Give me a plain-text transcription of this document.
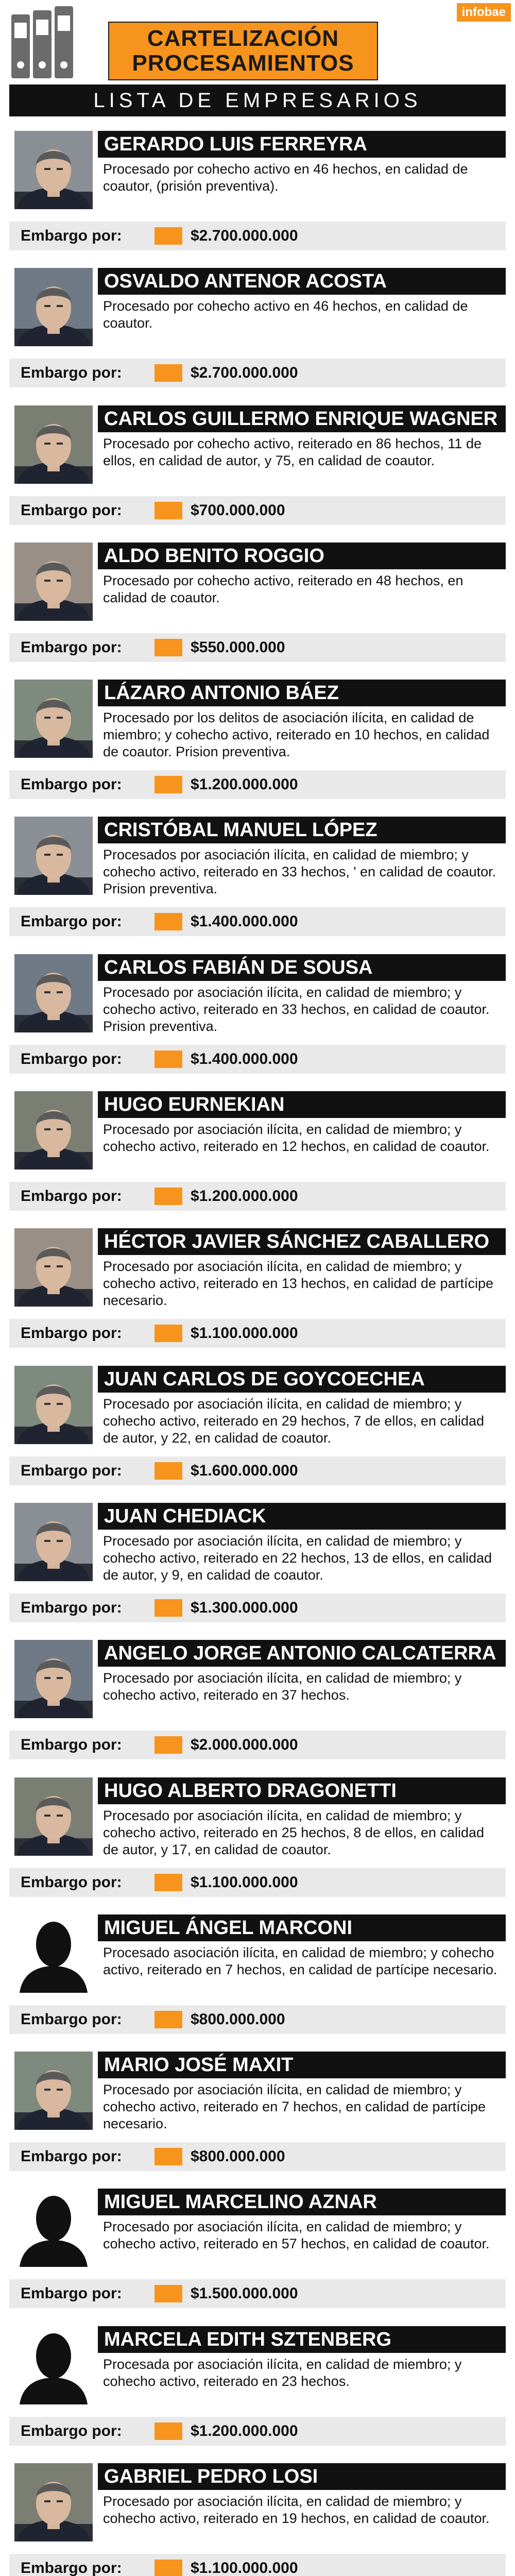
CARTELIZACIÓN
PROCESAMIENTOS
infobae
LISTA DE EMPRESARIOS
GERARDO LUIS FERREYRA
Procesado por cohecho activo en 46 hechos, en calidad de coautor, (prisión preventiva).
Embargo por:	$2.700.000.000
OSVALDO ANTENOR ACOSTA
Procesado por cohecho activo en 46 hechos, en calidad de coautor.
Embargo por:	$2.700.000.000
CARLOS GUILLERMO ENRIQUE WAGNER
Procesado por cohecho activo, reiterado en 86 hechos, 11 de ellos, en calidad de autor, y 75, en calidad de coautor.
Embargo por:	$700.000.000
ALDO BENITO ROGGIO
Procesado por cohecho activo, reiterado en 48 hechos, en calidad de coautor.
Embargo por:	$550.000.000
LÁZARO ANTONIO BÁEZ
Procesado por los delitos de asociación ilícita, en calidad de miembro; y cohecho activo, reiterado en 10 hechos, en calidad de coautor. Prision preventiva.
Embargo por:	$1.200.000.000
CRISTÓBAL MANUEL LÓPEZ
Procesados por asociación ilícita, en calidad de miembro; y cohecho activo, reiterado en 33 hechos, ' en calidad de coautor. Prision preventiva.
Embargo por:	$1.400.000.000
CARLOS FABIÁN DE SOUSA
Procesado por asociación ilícita, en calidad de miembro; y cohecho activo, reiterado en 33 hechos, en calidad de coautor. Prision preventiva.
Embargo por:	$1.400.000.000
HUGO EURNEKIAN
Procesado por asociación ilícita, en calidad de miembro; y cohecho activo, reiterado en 12 hechos, en calidad de coautor.
Embargo por:	$1.200.000.000
HÉCTOR JAVIER SÁNCHEZ CABALLERO
Procesado por asociación ilícita, en calidad de miembro; y cohecho activo, reiterado en 13 hechos, en calidad de partícipe necesario.
Embargo por:	$1.100.000.000
JUAN CARLOS DE GOYCOECHEA
Procesado por asociación ilícita, en calidad de miembro; y cohecho activo, reiterado en 29 hechos, 7 de ellos, en calidad de autor, y 22, en calidad de coautor.
Embargo por:	$1.600.000.000
JUAN CHEDIACK
Procesado por asociación ilícita, en calidad de miembro; y cohecho activo, reiterado en 22 hechos, 13 de ellos, en calidad de autor, y 9, en calidad de coautor.
Embargo por:	$1.300.000.000
ANGELO JORGE ANTONIO CALCATERRA
Procesado por asociación ilícita, en calidad de miembro; y cohecho activo, reiterado en 37 hechos.
Embargo por:	$2.000.000.000
HUGO ALBERTO DRAGONETTI
Procesado por asociación ilícita, en calidad de miembro; y cohecho activo, reiterado en 25 hechos, 8 de ellos, en calidad de autor, y 17, en calidad de coautor.
Embargo por:	$1.100.000.000
MIGUEL ÁNGEL MARCONI
Procesado asociación ilícita, en calidad de miembro; y cohecho activo, reiterado en 7 hechos, en calidad de partícipe necesario.
Embargo por:	$800.000.000
MARIO JOSÉ MAXIT
Procesado por asociación ilícita, en calidad de miembro; y cohecho activo, reiterado en 7 hechos, en calidad de partícipe necesario.
Embargo por:	$800.000.000
MIGUEL MARCELINO AZNAR
Procesado por asociación ilícita, en calidad de miembro; y cohecho activo, reiterado en 57 hechos, en calidad de coautor.
Embargo por:	$1.500.000.000
MARCELA EDITH SZTENBERG
Procesada por asociación ilícita, en calidad de miembro; y cohecho activo, reiterado en 23 hechos.
Embargo por:	$1.200.000.000
GABRIEL PEDRO LOSI
Procesado por asociación ilícita, en calidad de miembro; y cohecho activo, reiterado en 19 hechos, en calidad de coautor.
Embargo por:	$1.100.000.000
